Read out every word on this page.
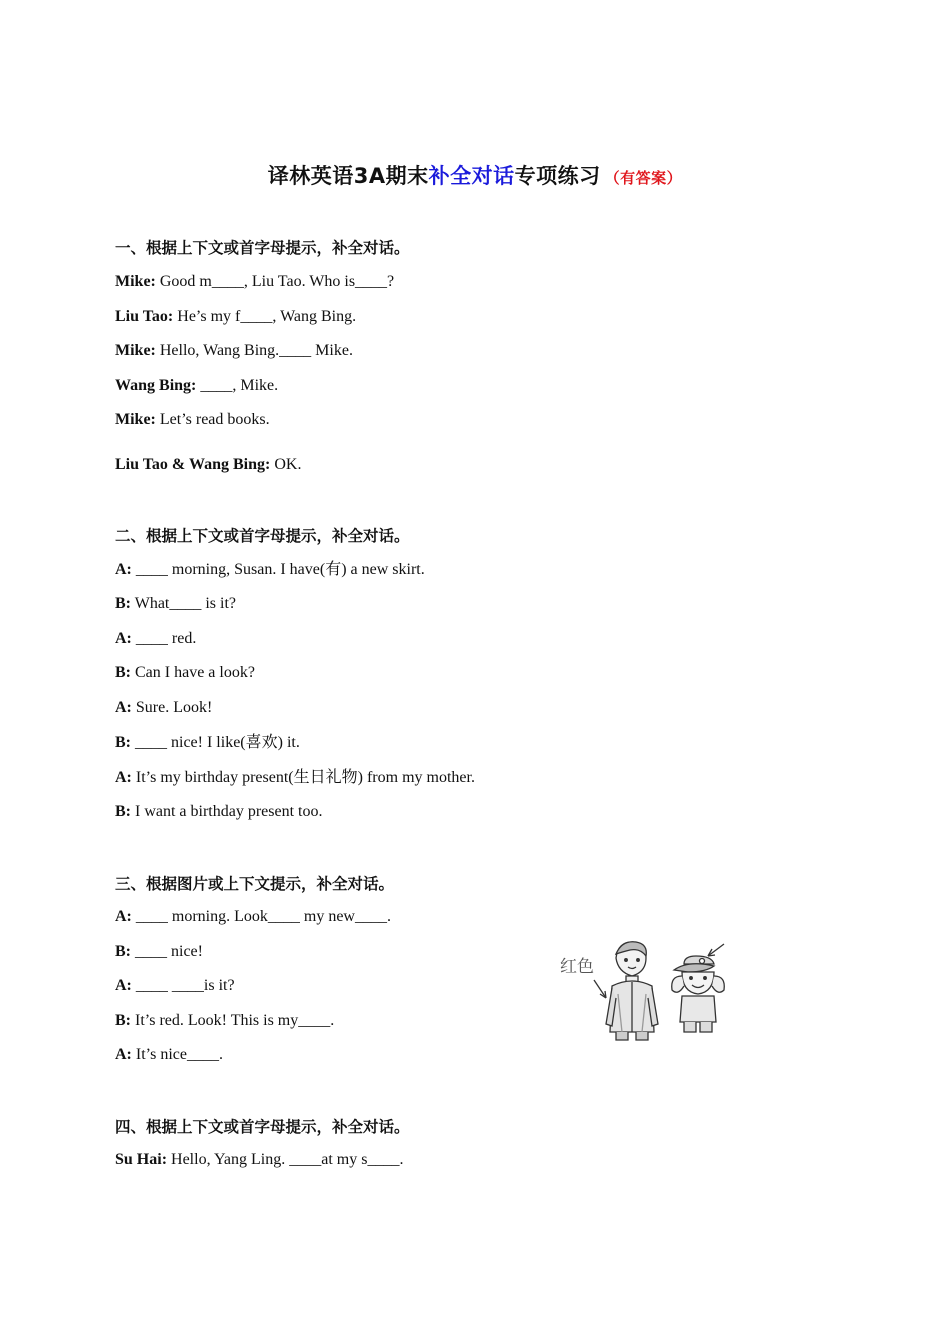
译林英语3A期末补全对话专项练习 （有答案）
一、根据上下文或首字母提示，补全对话。
Mike: Good m____, Liu Tao. Who is____?
Liu Tao: He’s my f____, Wang Bing.
Mike: Hello, Wang Bing.____ Mike.
Wang Bing: ____, Mike.
Mike: Let’s read books.
Liu Tao & Wang Bing: OK.
二、根据上下文或首字母提示，补全对话。
A: ____ morning, Susan. I have(有) a new skirt.
B: What____ is it?
A: ____ red.
B: Can I have a look?
A: Sure. Look!
B: ____ nice! I like(喜欢) it.
A: It’s my birthday present(生日礼物) from my mother.
B: I want a birthday present too.
三、根据图片或上下文提示，补全对话。
A: ____ morning. Look____ my new____.
B: ____ nice!
A: ____ ____is it?
B: It’s red. Look! This is my____.
A: It’s nice____.
红色
四、根据上下文或首字母提示，补全对话。
Su Hai: Hello, Yang Ling. ____at my s____.
